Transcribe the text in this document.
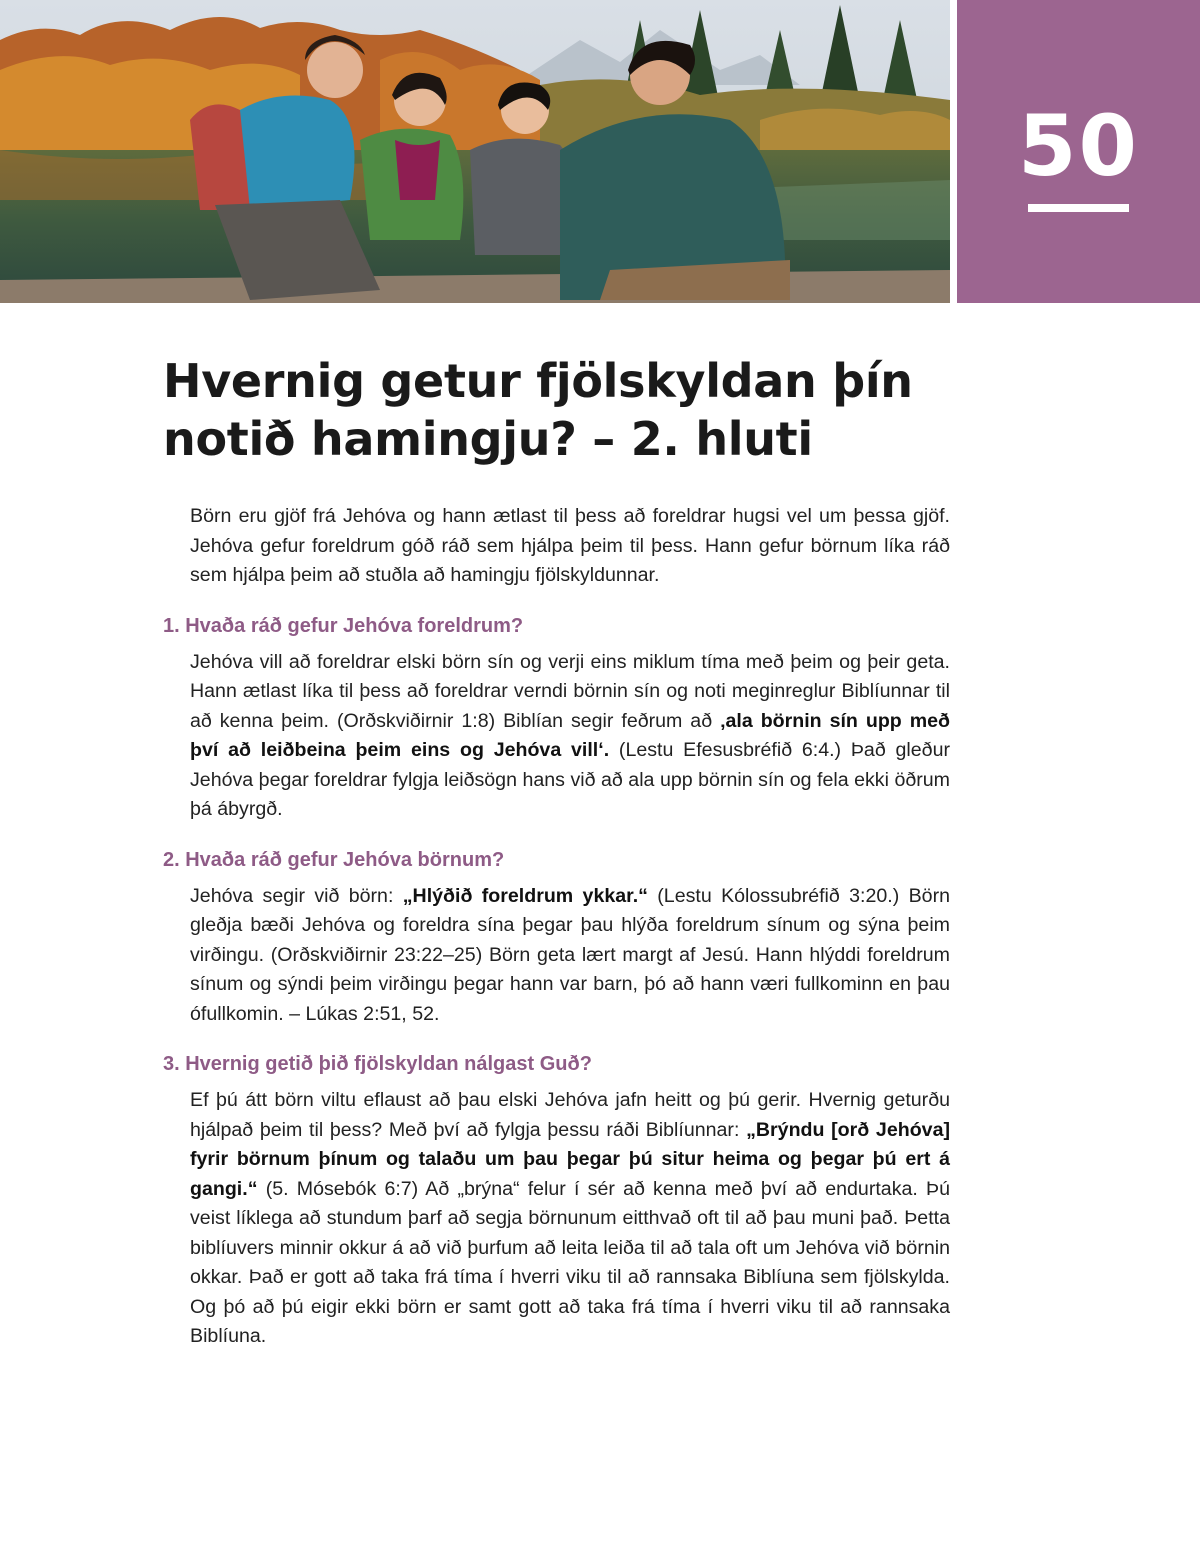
50
Hvernig getur fjölskyldan þín notið hamingju? – 2. hluti

Börn eru gjöf frá Jehóva og hann ætlast til þess að foreldrar hugsi vel um þessa gjöf. Jehóva gefur foreldrum góð ráð sem hjálpa þeim til þess. Hann gefur börnum líka ráð sem hjálpa þeim að stuðla að hamingju fjölskyldunnar.

1. Hvaða ráð gefur Jehóva foreldrum?

Jehóva vill að foreldrar elski börn sín og verji eins miklum tíma með þeim og þeir geta. Hann ætlast líka til þess að foreldrar verndi börnin sín og noti meginreglur Biblíunnar til að kenna þeim. (Orðskviðirnir 1:8) Biblían segir feðrum að ‚ala börnin sín upp með því að leiðbeina þeim eins og Jehóva vill‘. (Lestu Efesusbréfið 6:4.) Það gleður Jehóva þegar foreldrar fylgja leiðsögn hans við að ala upp börnin sín og fela ekki öðrum þá ábyrgð.

2. Hvaða ráð gefur Jehóva börnum?

Jehóva segir við börn: „Hlýðið foreldrum ykkar.“ (Lestu Kólossubréfið 3:20.) Börn gleðja bæði Jehóva og foreldra sína þegar þau hlýða foreldrum sínum og sýna þeim virðingu. (Orðskviðirnir 23:22–25) Börn geta lært margt af Jesú. Hann hlýddi foreldrum sínum og sýndi þeim virðingu þegar hann var barn, þó að hann væri fullkominn en þau ófullkomin. – Lúkas 2:51, 52.

3. Hvernig getið þið fjölskyldan nálgast Guð?

Ef þú átt börn viltu eflaust að þau elski Jehóva jafn heitt og þú gerir. Hvernig geturðu hjálpað þeim til þess? Með því að fylgja þessu ráði Biblíunnar: „Brýndu [orð Jehóva] fyrir börnum þínum og talaðu um þau þegar þú situr heima og þegar þú ert á gangi.“ (5. Mósebók 6:7) Að „brýna“ felur í sér að kenna með því að endurtaka. Þú veist líklega að stundum þarf að segja börnunum eitthvað oft til að þau muni það. Þetta biblíuvers minnir okkur á að við þurfum að leita leiða til að tala oft um Jehóva við börnin okkar. Það er gott að taka frá tíma í hverri viku til að rannsaka Biblíuna sem fjölskylda. Og þó að þú eigir ekki börn er samt gott að taka frá tíma í hverri viku til að rannsaka Biblíuna.
